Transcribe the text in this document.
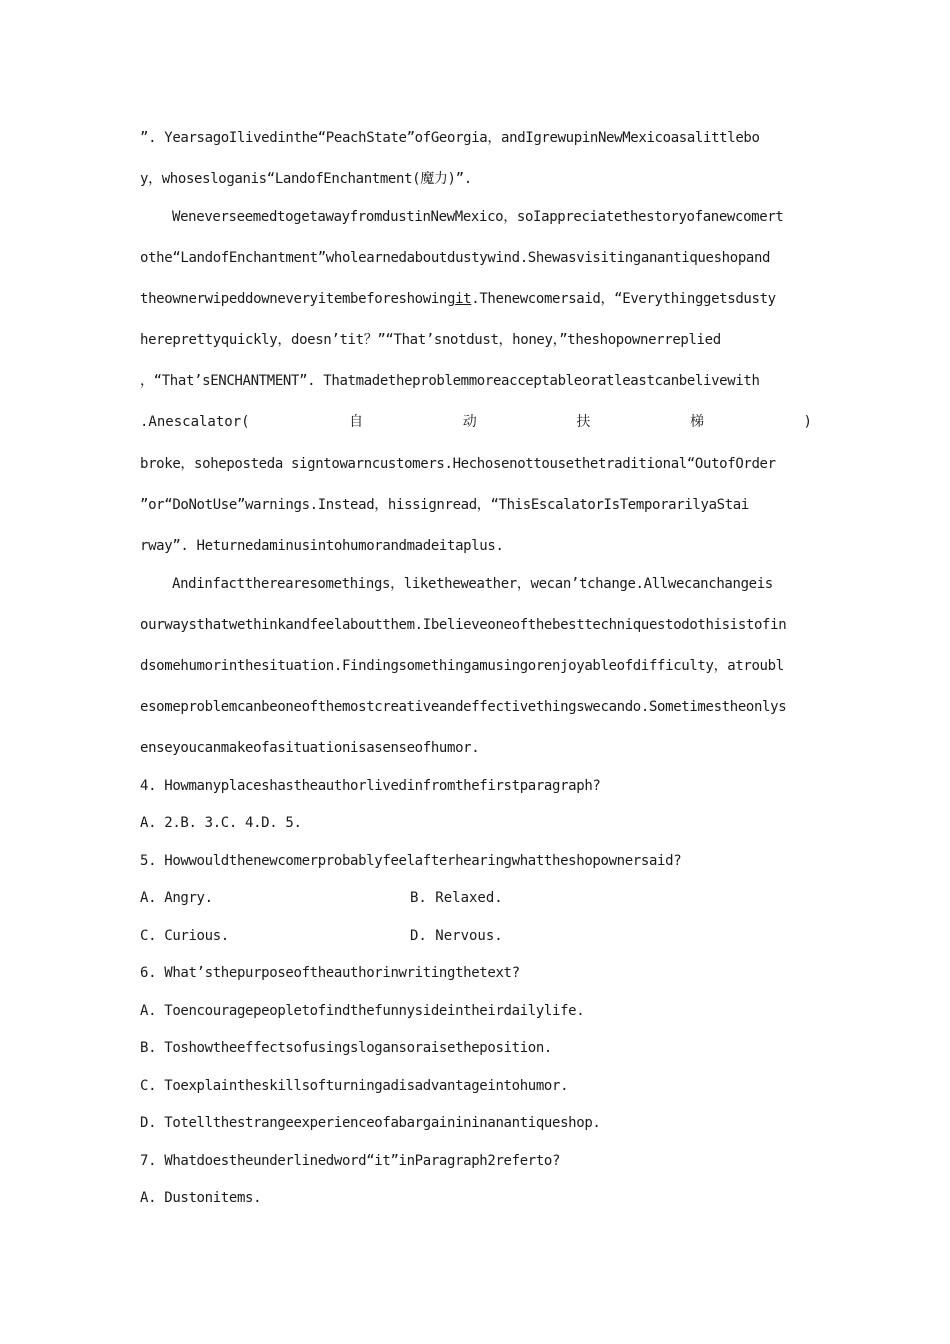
”. YearsagoIlivedinthe“PeachState”ofGeorgia，andIgrewupinNewMexicoasalittlebo
y，whosesloganis“LandofEnchantment(魔力)”.
WeneverseemedtogetawayfromdustinNewMexico，soIappreciatethestoryofanewcomert
othe“LandofEnchantment”wholearnedaboutdustywind.Shewasvisitinganantiqueshopand
theownerwipeddowneveryitembeforeshowingit.Thenewcomersaid，“Everythinggetsdusty
hereprettyquickly，doesn’tit？”“That’snotdust，honey，”theshopownerreplied
，“That’sENCHANTMENT”. Thatmadetheproblemmoreacceptableoratleastcanbelivewith
.Anescalator(	自	动	扶	梯	)
broke，soheposteda signtowarncustomers.Hechosenottousethetraditional“OutofOrder
”or“DoNotUse”warnings.Instead，hissignread，“ThisEscalatorIsTemporarilyaStai
rway”. Heturnedaminusintohumorandmadeitaplus.
Andinfacttherearesomethings，liketheweather，wecan’tchange.Allwecanchangeis
ourwaysthatwethinkandfeelaboutthem.Ibelieveoneofthebesttechniquestodothisistofin
dsomehumorinthesituation.Findingsomethingamusingorenjoyableofdifficulty，atroubl
esomeproblemcanbeoneofthemostcreativeandeffectivethingswecando.Sometimestheonlys
enseyoucanmakeofasituationisasenseofhumor.
4. Howmanyplaceshastheauthorlivedinfromthefirstparagraph?
A. 2.B. 3.C. 4.D. 5.
5. Howwouldthenewcomerprobablyfeelafterhearingwhattheshopownersaid?
A. Angry.	B. Relaxed.
C. Curious.	D. Nervous.
6. What’sthepurposeoftheauthorinwritingthetext?
A. Toencouragepeopletofindthefunnysideintheirdailylife.
B. Toshowtheeffectsofusingslogansoraisetheposition.
C. Toexplaintheskillsofturningadisadvantageintohumor.
D. Totellthestrangeexperienceofabargainininanantiqueshop.
7. Whatdoestheunderlinedword“it”inParagraph2referto?
A. Dustonitems.
